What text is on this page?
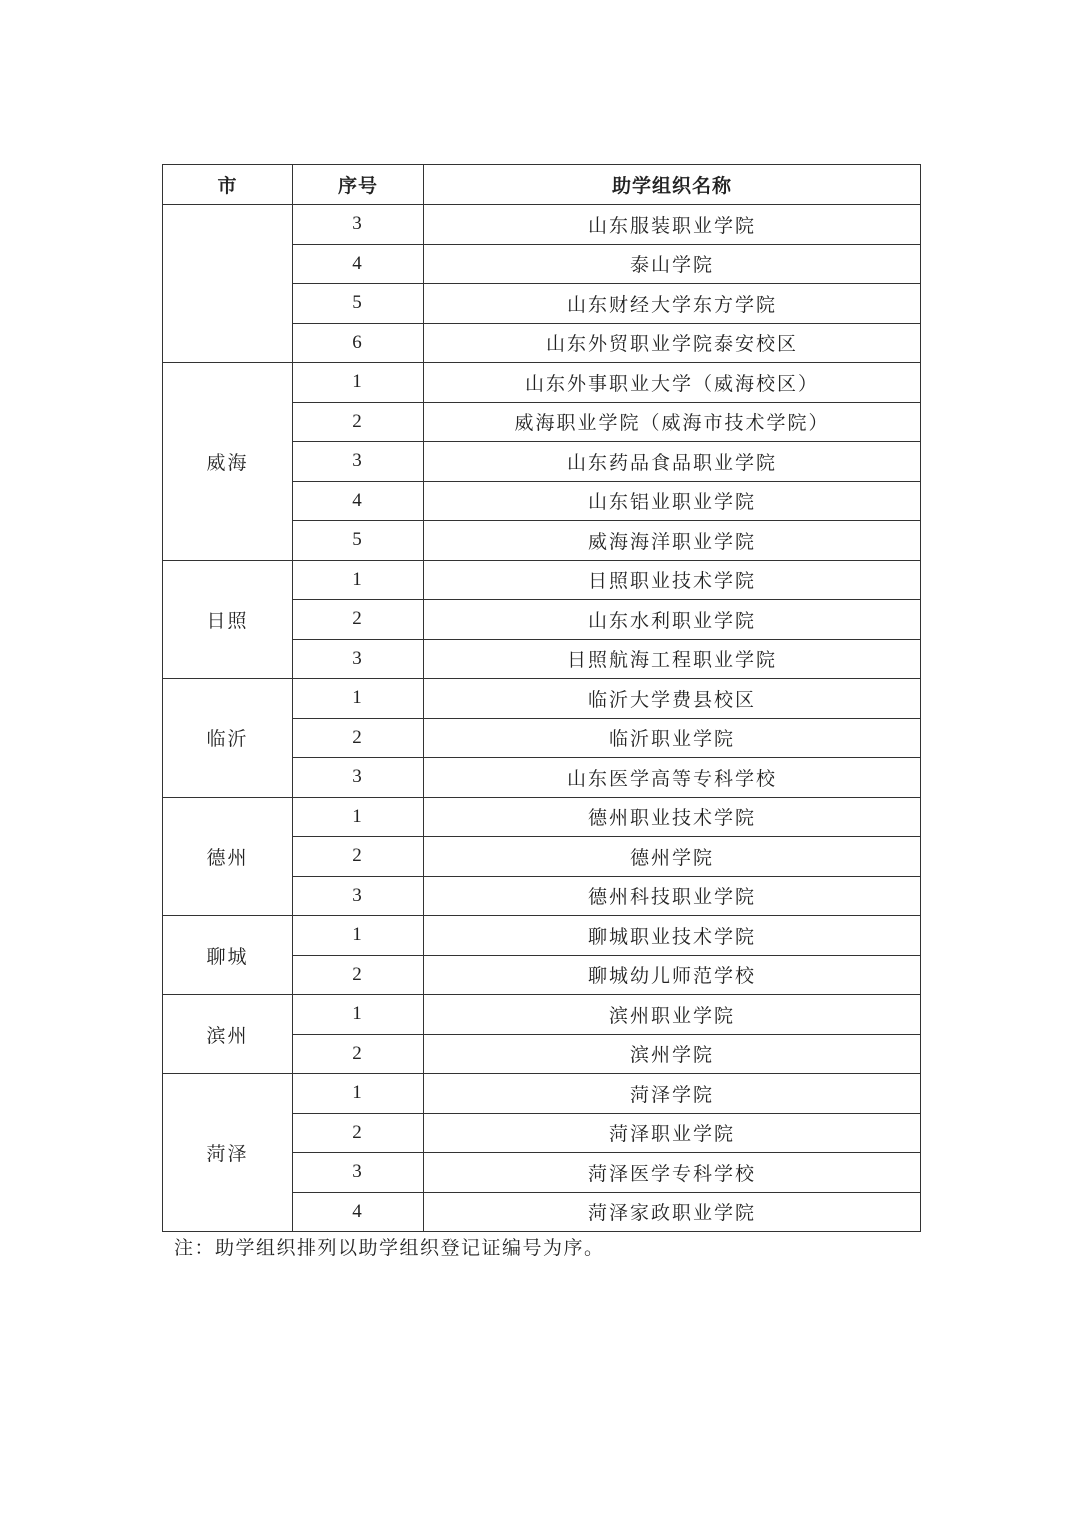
市	序号	助学组织名称
	3	山东服装职业学院
	4	泰山学院
	5	山东财经大学东方学院
	6	山东外贸职业学院泰安校区
威海	1	山东外事职业大学（威海校区）
	2	威海职业学院（威海市技术学院）
	3	山东药品食品职业学院
	4	山东铝业职业学院
	5	威海海洋职业学院
日照	1	日照职业技术学院
	2	山东水利职业学院
	3	日照航海工程职业学院
临沂	1	临沂大学费县校区
	2	临沂职业学院
	3	山东医学高等专科学校
德州	1	德州职业技术学院
	2	德州学院
	3	德州科技职业学院
聊城	1	聊城职业技术学院
	2	聊城幼儿师范学校
滨州	1	滨州职业学院
	2	滨州学院
菏泽	1	菏泽学院
	2	菏泽职业学院
	3	菏泽医学专科学校
	4	菏泽家政职业学院
注：助学组织排列以助学组织登记证编号为序。
